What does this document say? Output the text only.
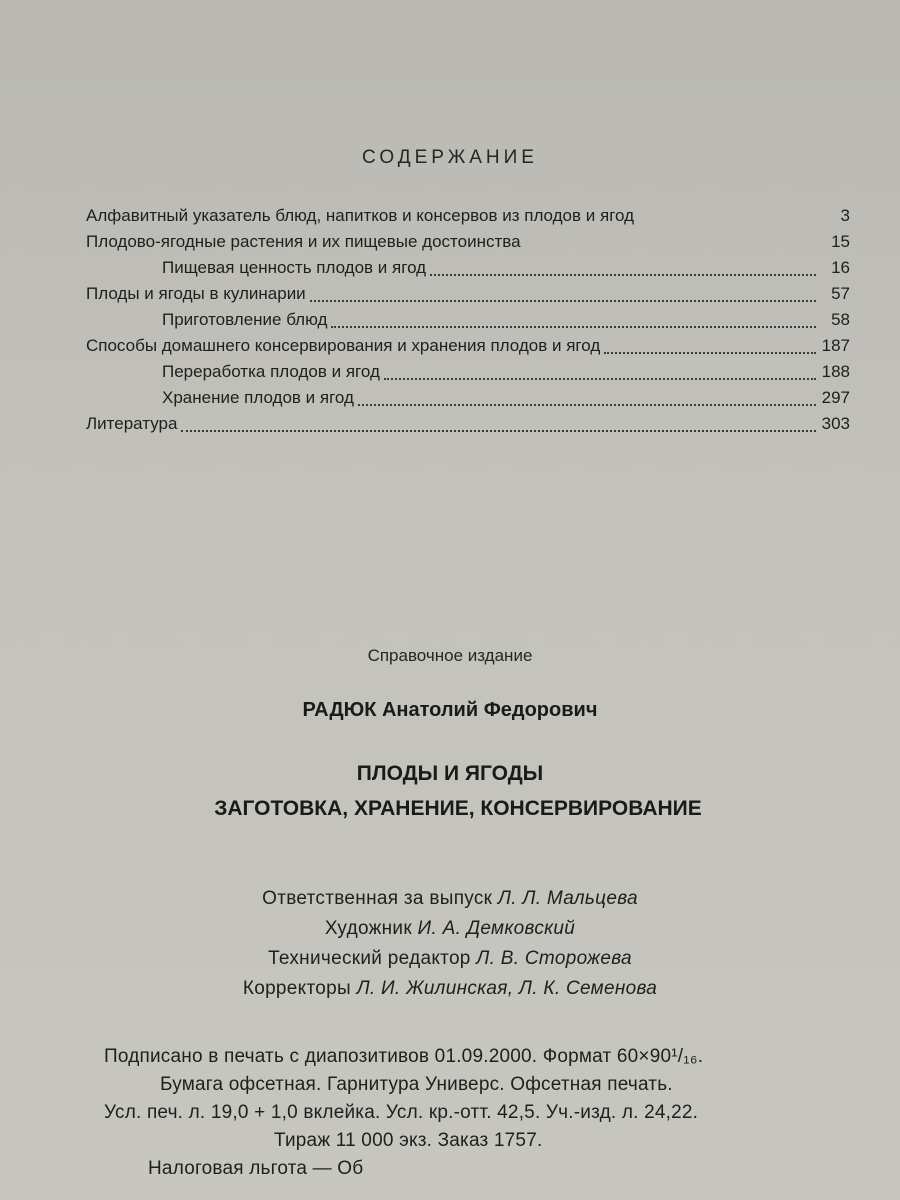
СОДЕРЖАНИЕ
Алфавитный указатель блюд, напитков и консервов из плодов и ягод	3
Плодово-ягодные растения и их пищевые достоинства	15
Пищевая ценность плодов и ягод	16
Плоды и ягоды в кулинарии	57
Приготовление блюд	58
Способы домашнего консервирования и хранения плодов и ягод	187
Переработка плодов и ягод	188
Хранение плодов и ягод	297
Литература	303
Справочное издание
РАДЮК Анатолий Федорович
ПЛОДЫ И ЯГОДЫ
ЗАГОТОВКА, ХРАНЕНИЕ, КОНСЕРВИРОВАНИЕ
Ответственная за выпуск Л. Л. Мальцева
Художник И. А. Демковский
Технический редактор Л. В. Сторожева
Корректоры Л. И. Жилинская, Л. К. Семенова
Подписано в печать с диапозитивов 01.09.2000. Формат 60×90¹/₁₆.
Бумага офсетная. Гарнитура Универс. Офсетная печать.
Усл. печ. л. 19,0 + 1,0 вклейка. Усл. кр.-отт. 42,5. Уч.-изд. л. 24,22.
Тираж 11 000 экз. Заказ 1757.
Налоговая льгота — Об
